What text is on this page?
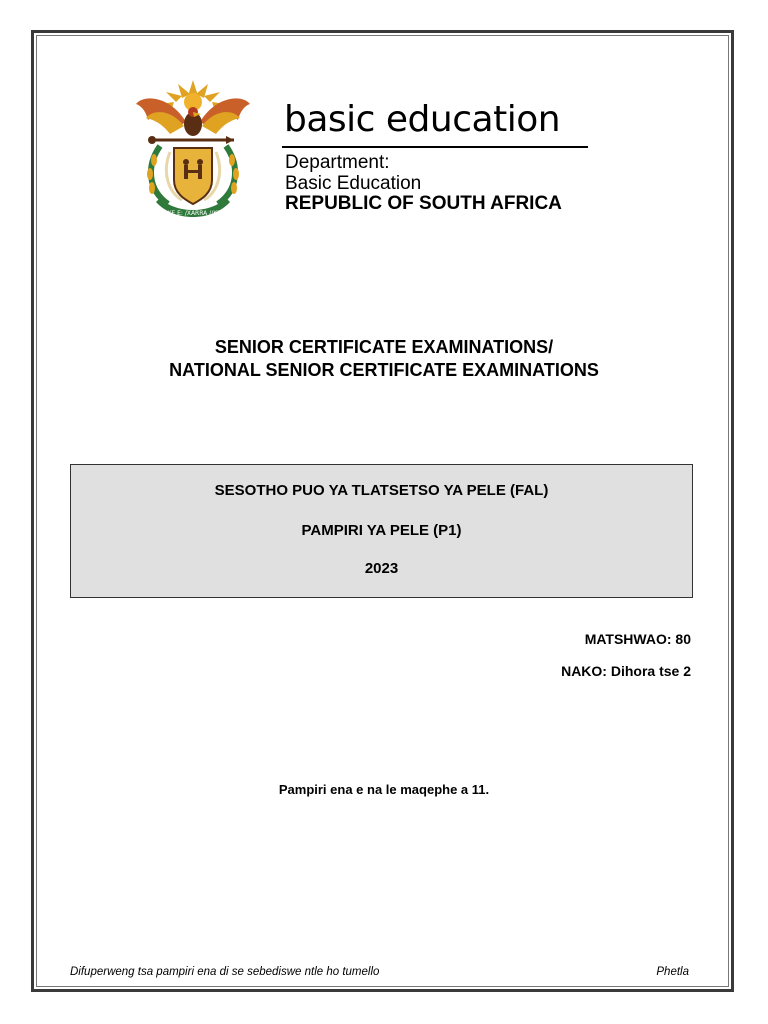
!KE E: /XARRA //KE
basic education
Department:
Basic Education
REPUBLIC OF SOUTH AFRICA
SENIOR CERTIFICATE EXAMINATIONS/
NATIONAL SENIOR CERTIFICATE EXAMINATIONS
SESOTHO PUO YA TLATSETSO YA PELE (FAL)
PAMPIRI YA PELE (P1)
2023
MATSHWAO: 80
NAKO: Dihora tse 2
Pampiri ena e na le maqephe a 11.
Difuperweng tsa pampiri ena di se sebediswe ntle ho tumello	Phetla
